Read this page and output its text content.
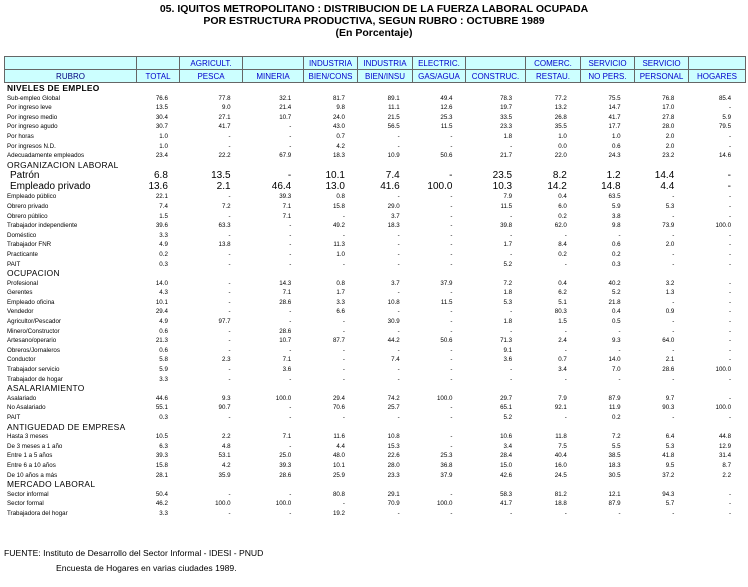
05. IQUITOS METROPOLITANO : DISTRIBUCION DE LA FUERZA LABORAL OCUPADA
POR ESTRUCTURA PRODUCTIVA, SEGUN RUBRO : OCTUBRE 1989
(En Porcentaje)
		AGRICULT.		INDUSTRIA	INDUSTRIA	ELECTRIC.		COMERC.	SERVICIO	SERVICIO	
RUBRO	TOTAL	PESCA	MINERIA	BIEN/CONS	BIEN/INSU	GAS/AGUA	CONSTRUC.	RESTAU.	NO PERS.	PERSONAL	HOGARES
NIVELES DE EMPLEO
Sub-empleo Global	76.6	77.8	32.1	81.7	89.1	49.4	78.3	77.2	75.5	76.8	85.4
Por ingreso leve	13.5	9.0	21.4	9.8	11.1	12.6	19.7	13.2	14.7	17.0	-
Por ingreso medio	30.4	27.1	10.7	24.0	21.5	25.3	33.5	26.8	41.7	27.8	5.9
Por ingreso agudo	30.7	41.7	-	43.0	56.5	11.5	23.3	35.5	17.7	28.0	79.5
Por horas	1.0	-	-	0.7	-	-	1.8	1.0	1.0	2.0	-
Por ingresos N.D.	1.0	-	-	4.2	-	-	-	0.0	0.6	2.0	-
Adecuadamente empleados	23.4	22.2	67.9	18.3	10.9	50.6	21.7	22.0	24.3	23.2	14.6
ORGANIZACION LABORAL
Patrón	6.8	13.5	-	10.1	7.4	-	23.5	8.2	1.2	14.4	-
Empleado privado	13.6	2.1	46.4	13.0	41.6	100.0	10.3	14.2	14.8	4.4	-
Empleado público	22.1	-	39.3	0.8	-	-	7.9	0.4	63.5	-	-
Obrero privado	7.4	7.2	7.1	15.8	29.0	-	11.5	6.0	5.9	5.3	-
Obrero público	1.5	-	7.1	-	3.7	-	-	0.2	3.8	-	-
Trabajador independiente	39.6	63.3	-	49.2	18.3	-	39.8	62.0	9.8	73.9	100.0
Doméstico	3.3	-	-	-	-	-	-	-	-	-	-
Trabajador FNR	4.9	13.8	-	11.3	-	-	1.7	8.4	0.6	2.0	-
Practicante	0.2	-	-	1.0	-	-	-	0.2	0.2	-	-
PAIT	0.3	-	-	-	-	-	5.2	-	0.3	-	-
OCUPACION
Profesional	14.0	-	14.3	0.8	3.7	37.9	7.2	0.4	40.2	3.2	-
Gerentes	4.3	-	7.1	1.7	-	-	1.8	6.2	5.2	1.3	-
Empleado oficina	10.1	-	28.6	3.3	10.8	11.5	5.3	5.1	21.8	-	-
Vendedor	29.4	-	-	6.6	-	-	-	80.3	0.4	0.9	-
Agricultor/Pescador	4.9	97.7	-	-	30.9	-	1.8	1.5	0.5	-	-
Minero/Constructor	0.6	-	28.6	-	-	-	-	-	-	-	-
Artesano/operario	21.3	-	10.7	87.7	44.2	50.6	71.3	2.4	9.3	64.0	-
Obreros/Jornaleros	0.6	-	-	-	-	-	9.1	-	-	-	-
Conductor	5.8	2.3	7.1	-	7.4	-	3.6	0.7	14.0	2.1	-
Trabajador servicio	5.9	-	3.6	-	-	-	-	3.4	7.0	28.6	100.0
Trabajador de hogar	3.3	-	-	-	-	-	-	-	-	-	-
ASALARIAMIENTO
Asalariado	44.6	9.3	100.0	29.4	74.2	100.0	29.7	7.9	87.9	9.7	-
No Asalariado	55.1	90.7	-	70.6	25.7	-	65.1	92.1	11.9	90.3	100.0
PAIT	0.3	-	-	-	-	-	5.2	-	0.2	-	-
ANTIGUEDAD DE EMPRESA
Hasta 3 meses	10.5	2.2	7.1	11.6	10.8	-	10.6	11.8	7.2	6.4	44.8
De 3 meses a 1 año	6.3	4.8	-	4.4	15.3	-	3.4	7.5	5.5	5.3	12.9
Entre 1 a 5 años	39.3	53.1	25.0	48.0	22.6	25.3	28.4	40.4	38.5	41.8	31.4
Entre 6 a 10 años	15.8	4.2	39.3	10.1	28.0	36.8	15.0	16.0	18.3	9.5	8.7
De 10 años a más	28.1	35.9	28.6	25.9	23.3	37.9	42.6	24.5	30.5	37.2	2.2
MERCADO LABORAL
Sector informal	50.4	-	-	80.8	29.1	-	58.3	81.2	12.1	94.3	-
Sector formal	46.2	100.0	100.0	-	70.9	100.0	41.7	18.8	87.9	5.7	-
Trabajadora del hogar	3.3	-	-	19.2	-	-	-	-	-	-	-
FUENTE: Instituto de Desarrollo del Sector Informal - IDESI - PNUD
Encuesta de Hogares en varias ciudades 1989.
